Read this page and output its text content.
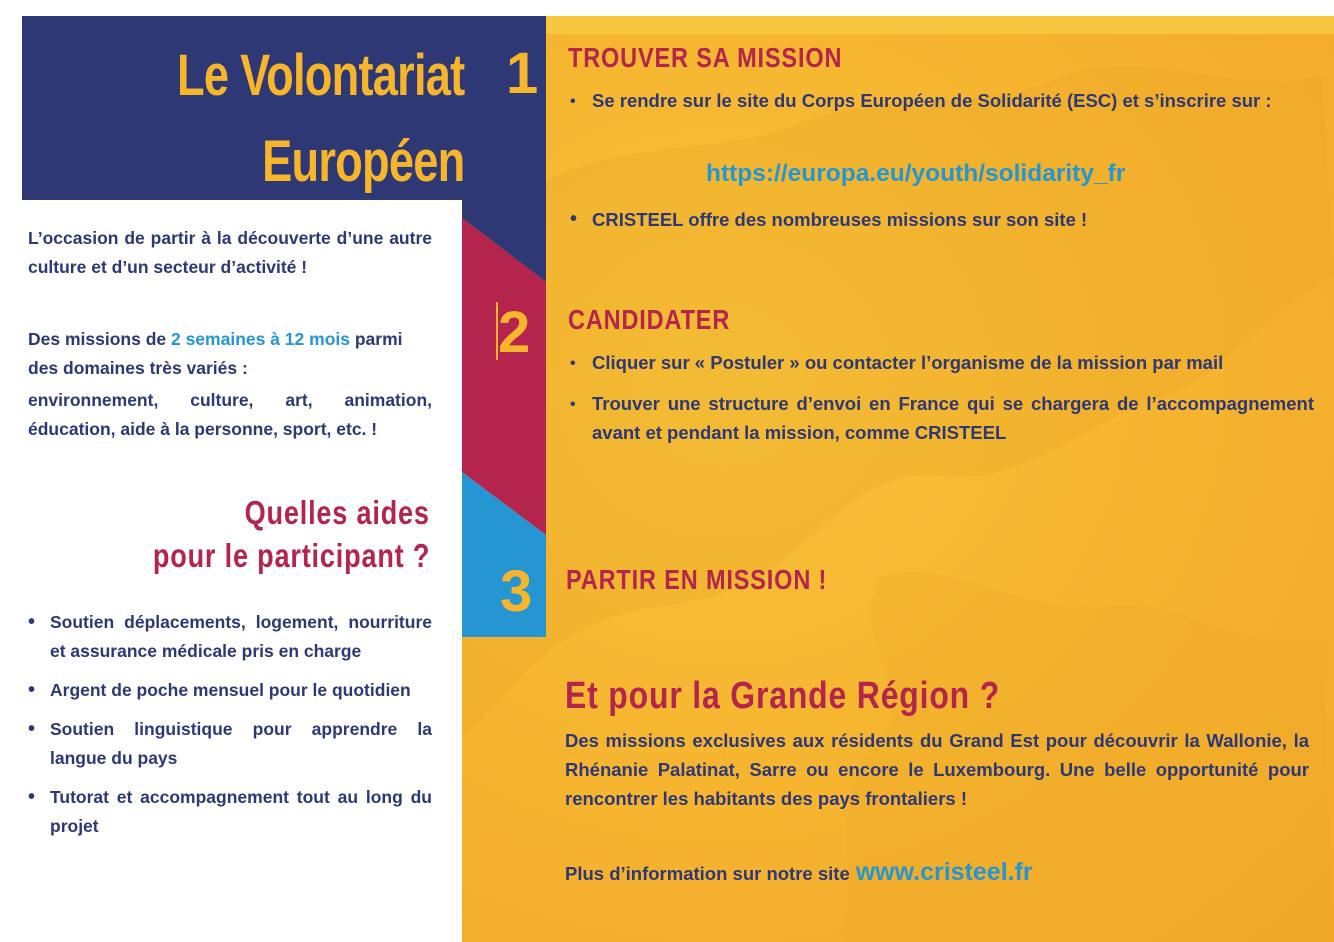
Le Volontariat
Européen
1
2
3
L’occasion de partir à la découverte d’une autre culture et d’un secteur d’activité !
Des missions de 2 semaines à 12 mois parmi des domaines très variés :
environnement, culture, art, animation, éducation, aide à la personne, sport, etc. !
Quelles aides
pour le participant ?
• Soutien déplacements, logement, nourriture et assurance médicale pris en charge
• Argent de poche mensuel pour le quotidien
• Soutien linguistique pour apprendre la langue du pays
• Tutorat et accompagnement tout au long du projet
TROUVER SA MISSION
• Se rendre sur le site du Corps Européen de Solidarité (ESC) et s’inscrire sur :
https://europa.eu/youth/solidarity_fr
• CRISTEEL offre des nombreuses missions sur son site !
CANDIDATER
• Cliquer sur « Postuler » ou contacter l’organisme de la mission par mail
• Trouver une structure d’envoi en France qui se chargera de l’accompagnement avant et pendant la mission, comme CRISTEEL
PARTIR EN MISSION !
Et pour la Grande Région ?
Des missions exclusives aux résidents du Grand Est pour découvrir la Wallonie, la Rhénanie Palatinat, Sarre ou encore le Luxembourg. Une belle opportunité pour rencontrer les habitants des pays frontaliers !
Plus d’information sur notre site www.cristeel.fr
